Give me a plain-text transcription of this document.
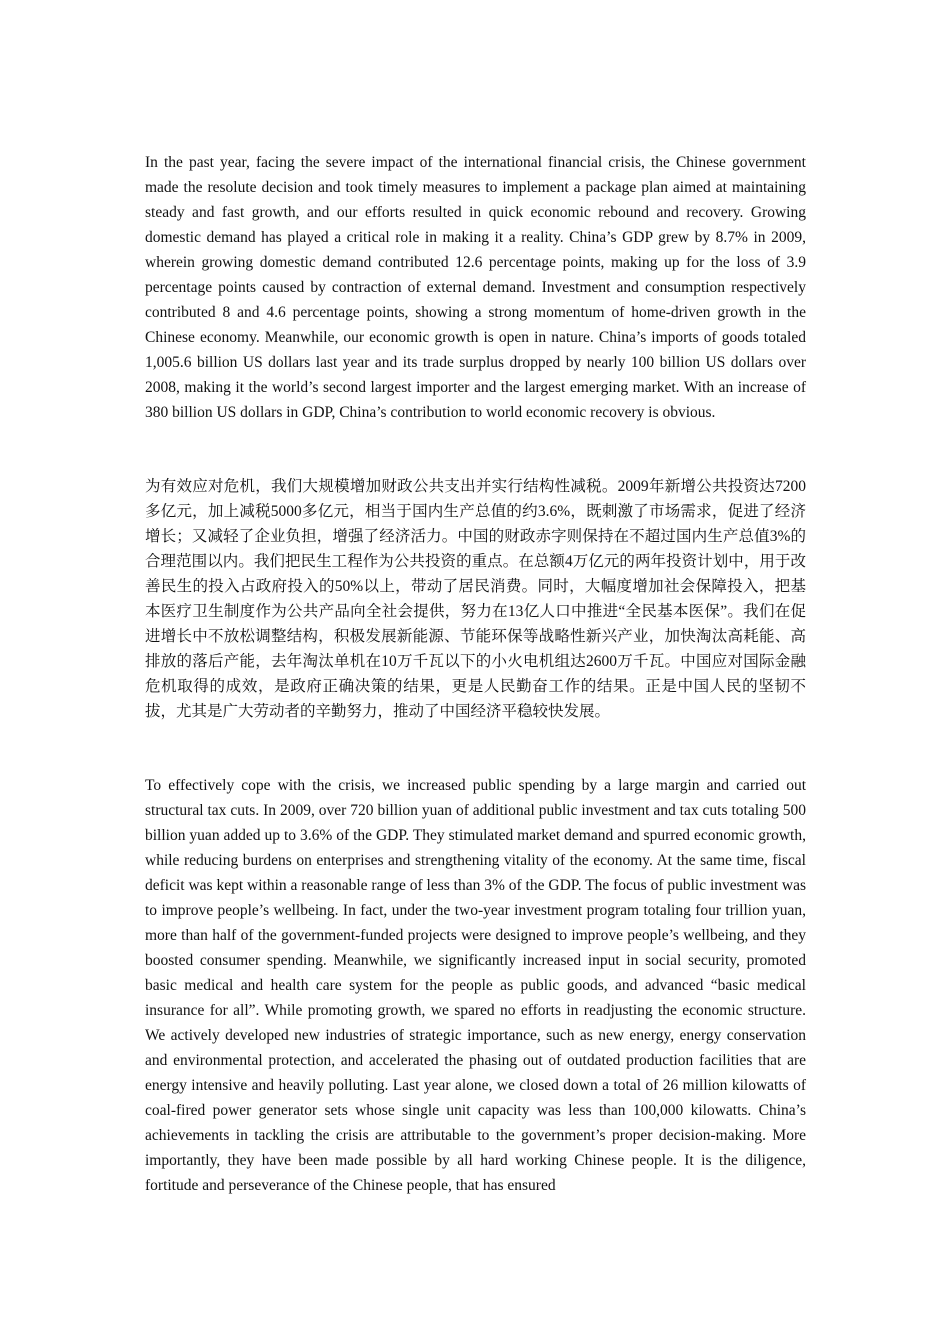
In the past year, facing the severe impact of the international financial crisis, the Chinese government made the resolute decision and took timely measures to implement a package plan aimed at maintaining steady and fast growth, and our efforts resulted in quick economic rebound and recovery. Growing domestic demand has played a critical role in making it a reality. China’s GDP grew by 8.7% in 2009, wherein growing domestic demand contributed 12.6 percentage points, making up for the loss of 3.9 percentage points caused by contraction of external demand. Investment and consumption respectively contributed 8 and 4.6 percentage points, showing a strong momentum of home-driven growth in the Chinese economy. Meanwhile, our economic growth is open in nature. China’s imports of goods totaled 1,005.6 billion US dollars last year and its trade surplus dropped by nearly 100 billion US dollars over 2008, making it the world’s second largest importer and the largest emerging market. With an increase of 380 billion US dollars in GDP, China’s contribution to world economic recovery is obvious.

为有效应对危机，我们大规模增加财政公共支出并实行结构性减税。2009年新增公共投资达7200多亿元，加上减税5000多亿元，相当于国内生产总值的约3.6%，既刺激了市场需求，促进了经济增长；又减轻了企业负担，增强了经济活力。中国的财政赤字则保持在不超过国内生产总值3%的合理范围以内。我们把民生工程作为公共投资的重点。在总额4万亿元的两年投资计划中，用于改善民生的投入占政府投入的50%以上，带动了居民消费。同时，大幅度增加社会保障投入，把基本医疗卫生制度作为公共产品向全社会提供，努力在13亿人口中推进“全民基本医保”。我们在促进增长中不放松调整结构，积极发展新能源、节能环保等战略性新兴产业，加快淘汰高耗能、高排放的落后产能，去年淘汰单机在10万千瓦以下的小火电机组达2600万千瓦。中国应对国际金融危机取得的成效，是政府正确决策的结果，更是人民勤奋工作的结果。正是中国人民的坚韧不拔，尤其是广大劳动者的辛勤努力，推动了中国经济平稳较快发展。

To effectively cope with the crisis, we increased public spending by a large margin and carried out structural tax cuts. In 2009, over 720 billion yuan of additional public investment and tax cuts totaling 500 billion yuan added up to 3.6% of the GDP. They stimulated market demand and spurred economic growth, while reducing burdens on enterprises and strengthening vitality of the economy. At the same time, fiscal deficit was kept within a reasonable range of less than 3% of the GDP. The focus of public investment was to improve people’s wellbeing. In fact, under the two-year investment program totaling four trillion yuan, more than half of the government-funded projects were designed to improve people’s wellbeing, and they boosted consumer spending. Meanwhile, we significantly increased input in social security, promoted basic medical and health care system for the people as public goods, and advanced “basic medical insurance for all”. While promoting growth, we spared no efforts in readjusting the economic structure. We actively developed new industries of strategic importance, such as new energy, energy conservation and environmental protection, and accelerated the phasing out of outdated production facilities that are energy intensive and heavily polluting. Last year alone, we closed down a total of 26 million kilowatts of coal-fired power generator sets whose single unit capacity was less than 100,000 kilowatts. China’s achievements in tackling the crisis are attributable to the government’s proper decision-making. More importantly, they have been made possible by all hard working Chinese people. It is the diligence, fortitude and perseverance of the Chinese people, that has ensured
